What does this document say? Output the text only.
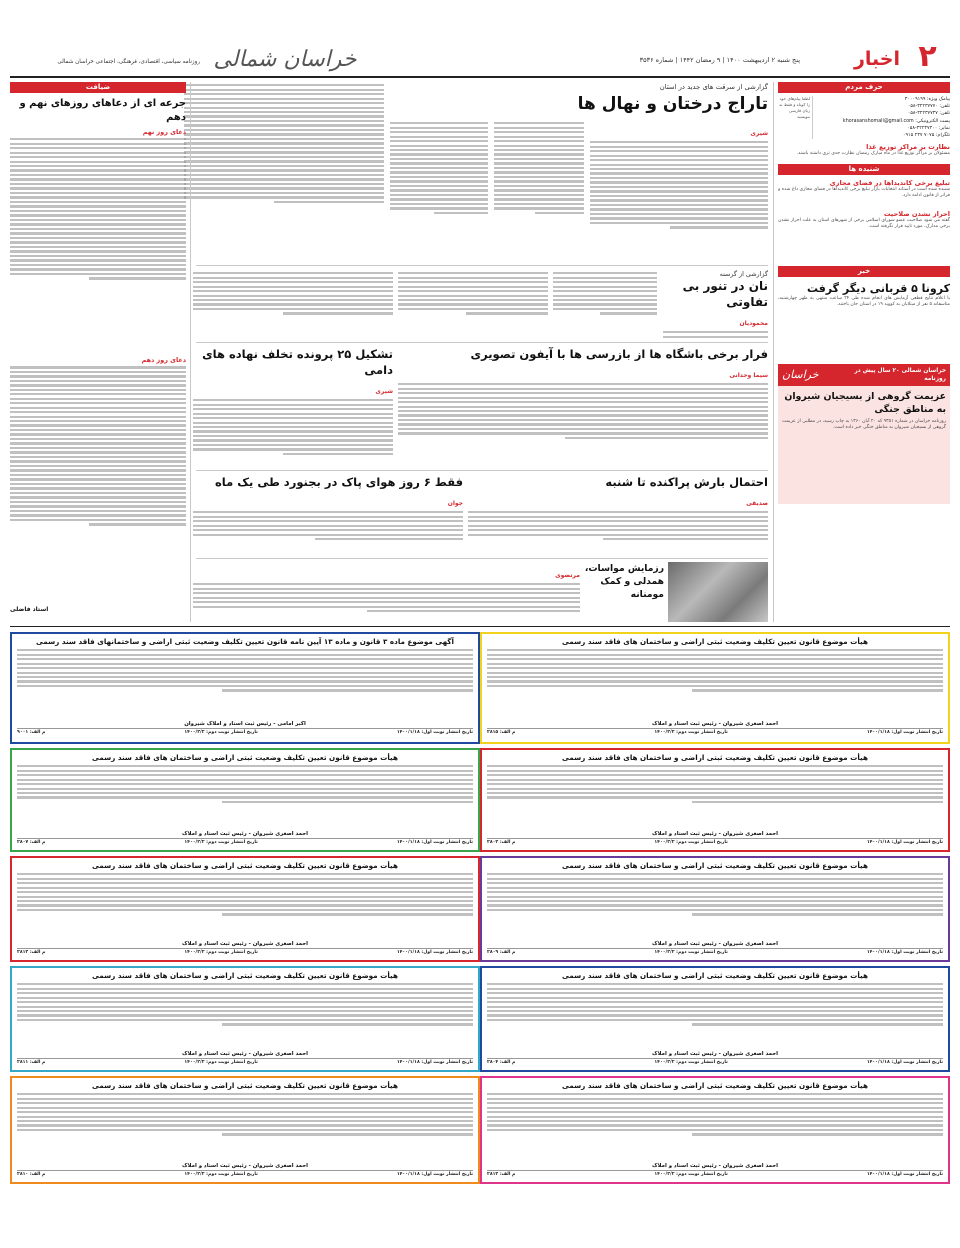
۲
اخبار
پنج شنبه ۲ اردیبهشت ۱۴۰۰ | ۹ رمضان ۱۴۴۲ | شماره ۳۵۳۶
خراسان شمالی
روزنامه سیاسی، اقتصادی، فرهنگی، اجتماعی خراسان شمالی
حرف مردم
پیامک ویژه: ۳۰۰۰۹۱۹۹
تلفن: ۳۲۲۳۷۷۷۰-۰۵۸
تلفن: ۳۲۲۳۷۷۳۷-۰۵۸
پست الکترونیکی: khorasanshomali@gmail.com
نمابر: ۳۲۲۳۷۳۰۰-۰۵۸
تلگرام: ۷۰۷۵ ۲۳۷ ۰۹۱۵
لطفا پیام‌های خود را کوتاه و فقط به زبان فارسی بنویسید
نظارت بر مراکز توزیع غذا
مسئولان بر مراکز توزیع غذا در ماه مبارک رمضان نظارت جدی تری داشته باشند.
شنیده ها
تبلیغ برخی کاندیداها در فضای مجازی
شنیده شده است در آستانه انتخابات بازار تبلیغ برخی کاندیداها در فضای مجازی داغ شده و فراتر از قانون ادامه دارد.

احراز نشدن صلاحیت
گفته می شود صلاحیت عضو شورای اسلامی برخی از شهرهای استان به علت احراز نشدن برخی مدارک، مورد تایید قرار نگرفته است.
خبر
کرونا ۵ قربانی دیگر گرفت
با اعلام نتایج قطعی آزمایش های انجام شده طی ۲۴ ساعت منتهی به ظهر چهارشنبه، متاسفانه ۵ نفر از مبتلایان به کووید ۱۹ در استان جان باختند.
خراسان شمالی ۲۰ سال پیش در روزنامه
خراسان
عزیمت گروهی از بسیجیان شیروان به مناطق جنگی
روزنامه خراسان در شماره ۹۳۵۱ که ۲۰ آبان ۱۳۶۰ به چاپ رسید، در مطلبی از عزیمت گروهی از بسیجیان شیروان به مناطق جنگی خبر داده است.
گزارشی از سرقت های جدید در استان
تاراج درختان و نهال ها
شیری
ضیافت
جرعه ای از دعاهای روزهای نهم و دهم
دعای روز نهم
دعای روز دهم
استاد فاضلی
گزارشی از گرسنه
نان در تنور بی تفاوتی
محمودیان
فرار برخی باشگاه ها از بازرسی ها با آیفون تصویری
سیما وحدانی
تشکیل ۲۵ پرونده تخلف نهاده های دامی
شیری
احتمال بارش پراکنده تا شنبه
صدیقی
فقط ۶ روز هوای پاک در بجنورد طی یک ماه
جوان
رزمایش مواسات، همدلی و کمک مومنانه
مرتضوی
هیأت موضوع قانون تعیین تکلیف وضعیت ثبتی اراضی و ساختمان های فاقد سند رسمی
احمد اصغری شیروان - رئیس ثبت اسناد و املاک
تاریخ انتشار نوبت اول: ۱۴۰۰/۱/۱۸
تاریخ انتشار نوبت دوم: ۱۴۰۰/۲/۲
م الف: ۲۸۱۵
هیأت موضوع قانون تعیین تکلیف وضعیت ثبتی اراضی و ساختمان های فاقد سند رسمی
احمد اصغری شیروان - رئیس ثبت اسناد و املاک
تاریخ انتشار نوبت اول: ۱۴۰۰/۱/۱۸
تاریخ انتشار نوبت دوم: ۱۴۰۰/۲/۲
م الف: ۲۸۰۲
هیأت موضوع قانون تعیین تکلیف وضعیت ثبتی اراضی و ساختمان های فاقد سند رسمی
احمد اصغری شیروان - رئیس ثبت اسناد و املاک
تاریخ انتشار نوبت اول: ۱۴۰۰/۱/۱۸
تاریخ انتشار نوبت دوم: ۱۴۰۰/۲/۲
م الف: ۲۸۰۹
هیأت موضوع قانون تعیین تکلیف وضعیت ثبتی اراضی و ساختمان های فاقد سند رسمی
احمد اصغری شیروان - رئیس ثبت اسناد و املاک
تاریخ انتشار نوبت اول: ۱۴۰۰/۱/۱۸
تاریخ انتشار نوبت دوم: ۱۴۰۰/۲/۲
م الف: ۲۸۰۴
هیأت موضوع قانون تعیین تکلیف وضعیت ثبتی اراضی و ساختمان های فاقد سند رسمی
احمد اصغری شیروان - رئیس ثبت اسناد و املاک
تاریخ انتشار نوبت اول: ۱۴۰۰/۱/۱۸
تاریخ انتشار نوبت دوم: ۱۴۰۰/۲/۲
م الف: ۲۸۱۲
آگهی موضوع ماده ۳ قانون و ماده ۱۳ آیین نامه قانون تعیین تکلیف وضعیت ثبتی اراضی و ساختمانهای فاقد سند رسمی
اکبر امامی - رئیس ثبت اسناد و املاک شیروان
تاریخ انتشار نوبت اول: ۱۴۰۰/۱/۱۸
تاریخ انتشار نوبت دوم: ۱۴۰۰/۲/۲
م الف: ۹۰۰۱
هیأت موضوع قانون تعیین تکلیف وضعیت ثبتی اراضی و ساختمان های فاقد سند رسمی
احمد اصغری شیروان - رئیس ثبت اسناد و املاک
تاریخ انتشار نوبت اول: ۱۴۰۰/۱/۱۸
تاریخ انتشار نوبت دوم: ۱۴۰۰/۲/۲
م الف: ۲۸۰۷
هیأت موضوع قانون تعیین تکلیف وضعیت ثبتی اراضی و ساختمان های فاقد سند رسمی
احمد اصغری شیروان - رئیس ثبت اسناد و املاک
تاریخ انتشار نوبت اول: ۱۴۰۰/۱/۱۸
تاریخ انتشار نوبت دوم: ۱۴۰۰/۲/۲
م الف: ۲۸۱۳
هیأت موضوع قانون تعیین تکلیف وضعیت ثبتی اراضی و ساختمان های فاقد سند رسمی
احمد اصغری شیروان - رئیس ثبت اسناد و املاک
تاریخ انتشار نوبت اول: ۱۴۰۰/۱/۱۸
تاریخ انتشار نوبت دوم: ۱۴۰۰/۲/۲
م الف: ۲۸۱۱
هیأت موضوع قانون تعیین تکلیف وضعیت ثبتی اراضی و ساختمان های فاقد سند رسمی
احمد اصغری شیروان - رئیس ثبت اسناد و املاک
تاریخ انتشار نوبت اول: ۱۴۰۰/۱/۱۸
تاریخ انتشار نوبت دوم: ۱۴۰۰/۲/۲
م الف: ۲۸۱۰
